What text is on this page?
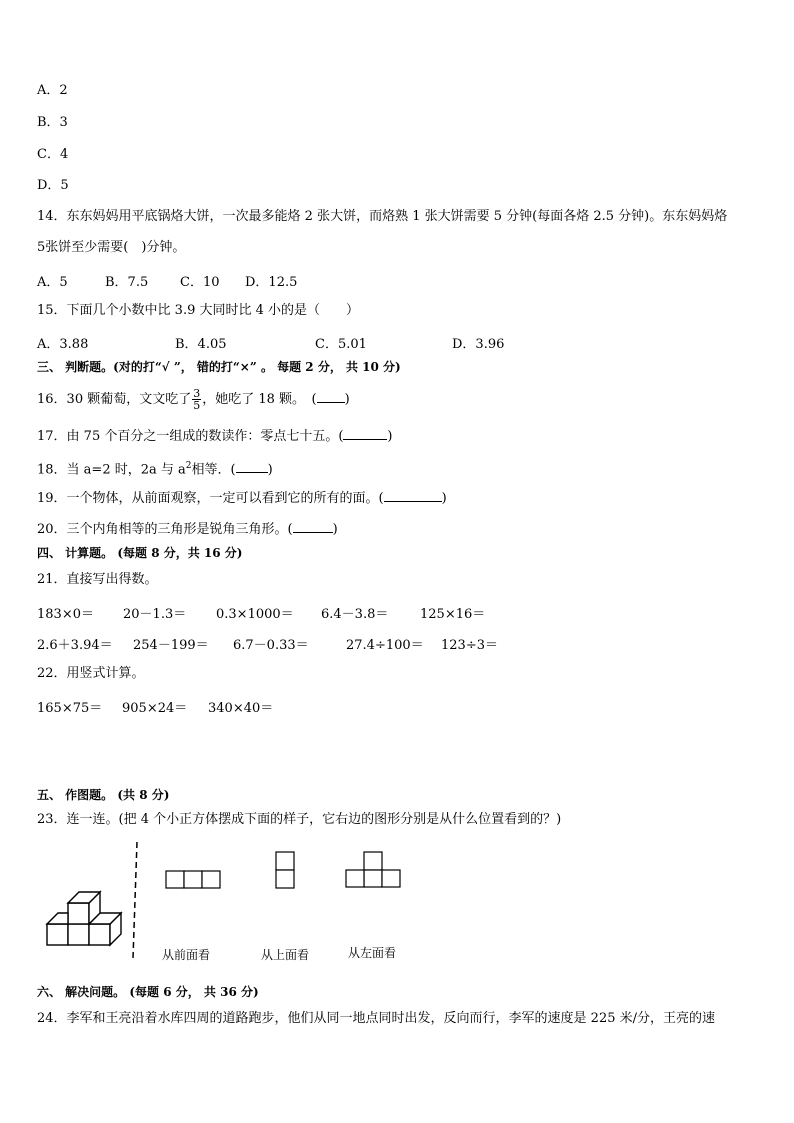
A．2
B．3
C．4
D．5
14．东东妈妈用平底锅烙大饼，一次最多能烙 2 张大饼，而烙熟 1 张大饼需要 5 分钟(每面各烙 2.5 分钟)。东东妈妈烙
5张饼至少需要(　)分钟。
A．5	B．7.5 C．10 D．12.5
15．下面几个小数中比 3.9 大同时比 4 小的是（　　）
A．3.88	B．4.05	C．5.01	D．3.96
三、 判断题。(对的打“√ ”， 错的打“×” 。 每题 2 分， 共 10 分)
16．30 颗葡萄，文文吃了 $\frac{3}{5}$ ，她吃了 18 颗。　( )
17．由 75 个百分之一组成的数读作：零点七十五。(	)
18．当 a=2 时，2a 与 $a^2$相等．( )
19．一个物体，从前面观察，一定可以看到它的所有的面。(	)
20．三个内角相等的三角形是锐角三角形。(	)
四、 计算题。 (每题 8 分，共 16 分)
21．直接写出得数。
183×0＝ 20－1.3＝ 0.3×1000＝ 6.4－3.8＝ 125×16＝
2.6＋3.94＝ 254－199＝ 6.7－0.33＝	27.4÷100＝ 123÷3＝
22．用竖式计算。
165×75＝ 905×24＝ 340×40＝
五、 作图题。 (共 8 分)
23．连一连。(把 4 个小正方体摆成下面的样子，它右边的图形分别是从什么位置看到的？)
从前面看	从上面看	从左面看
六、 解决问题。 (每题 6 分， 共 36 分)
24．李军和王亮沿着水库四周的道路跑步，他们从同一地点同时出发，反向而行，李军的速度是 225 米/分，王亮的速
